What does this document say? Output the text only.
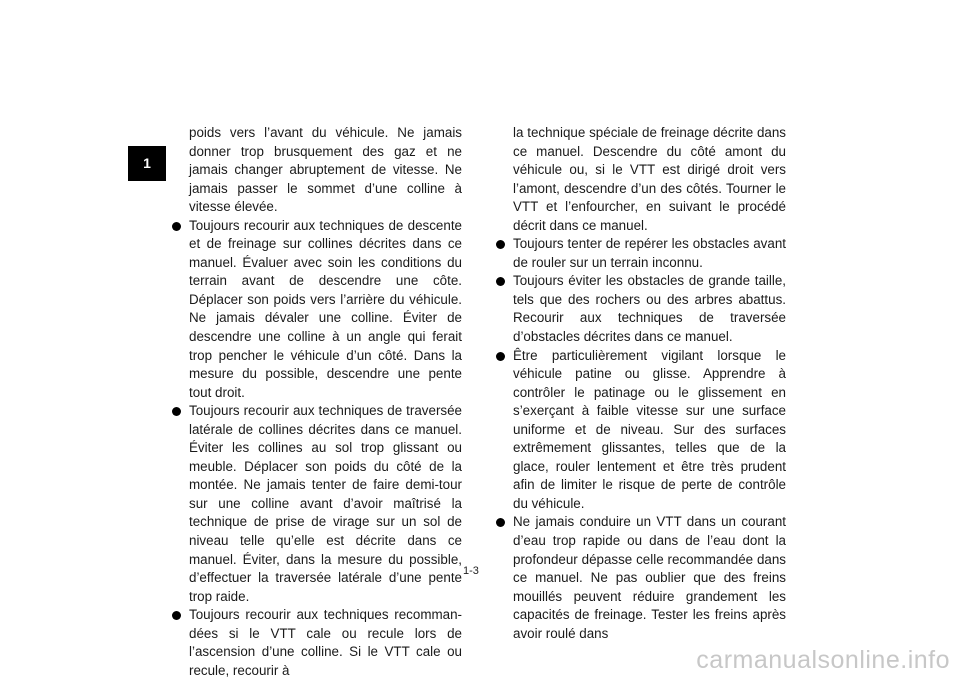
1

poids vers l’avant du véhicule. Ne jamais donner trop brusquement des gaz et ne jamais changer abruptement de vitesse. Ne jamais passer le sommet d’une colline à vitesse élevée.

Toujours recourir aux techniques de descente et de freinage sur collines décrites dans ce manuel. Évaluer avec soin les conditions du terrain avant de descendre une côte. Déplacer son poids vers l’arrière du véhicule. Ne jamais dévaler une colline. Éviter de descendre une colline à un angle qui ferait trop pencher le véhicule d’un côté. Dans la mesure du possible, descendre une pente tout droit.

Toujours recourir aux techniques de traversée latérale de collines décrites dans ce manuel. Éviter les collines au sol trop glissant ou meuble. Déplacer son poids du côté de la montée. Ne jamais tenter de faire demi-tour sur une colline avant d’avoir maîtrisé la technique de prise de virage sur un sol de niveau telle qu’elle est décrite dans ce manuel. Éviter, dans la mesure du possible, d’effectuer la traversée latérale d’une pente trop raide.

Toujours recourir aux techniques recommandées si le VTT cale ou recule lors de l’ascension d’une colline. Si le VTT cale ou recule, recourir à

la technique spéciale de freinage décrite dans ce manuel. Descendre du côté amont du véhicule ou, si le VTT est dirigé droit vers l’amont, descendre d’un des côtés. Tourner le VTT et l’enfourcher, en suivant le procédé décrit dans ce manuel.

Toujours tenter de repérer les obstacles avant de rouler sur un terrain inconnu.

Toujours éviter les obstacles de grande taille, tels que des rochers ou des arbres abattus. Recourir aux techniques de traversée d’obstacles décrites dans ce manuel.

Être particulièrement vigilant lorsque le véhicule patine ou glisse. Apprendre à contrôler le patinage ou le glissement en s’exerçant à faible vitesse sur une surface uniforme et de niveau. Sur des surfaces extrêmement glissantes, telles que de la glace, rouler lentement et être très prudent afin de limiter le risque de perte de contrôle du véhicule.

Ne jamais conduire un VTT dans un courant d’eau trop rapide ou dans de l’eau dont la profondeur dépasse celle recommandée dans ce manuel. Ne pas oublier que des freins mouillés peuvent réduire grandement les capacités de freinage. Tester les freins après avoir roulé dans

1-3
carmanualsonline.info
